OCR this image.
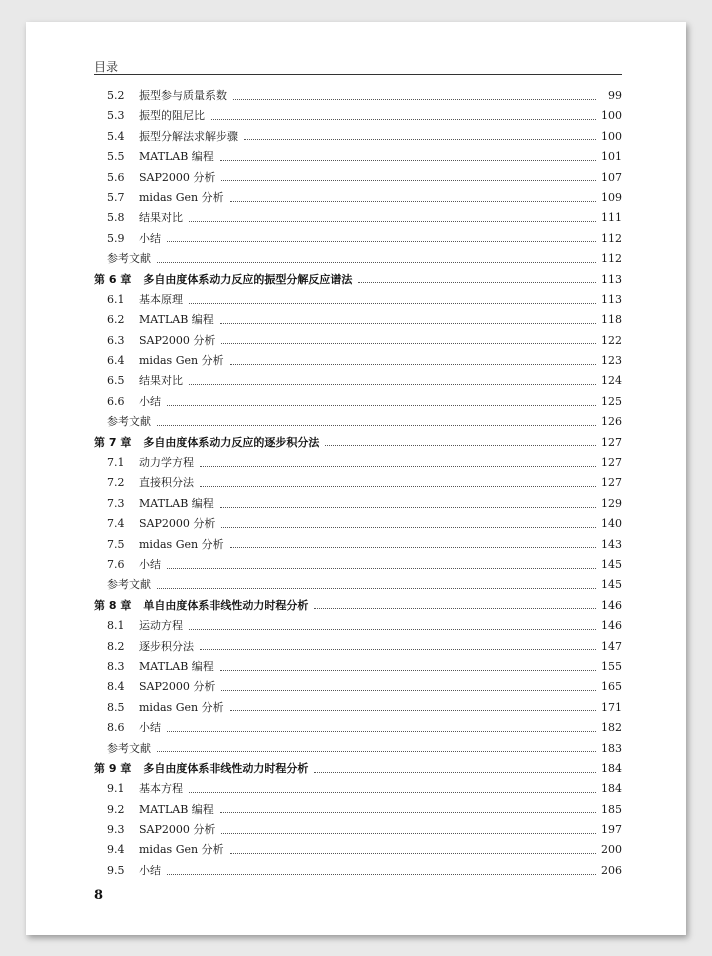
目录
5.2	振型参与质量系数	99
5.3	振型的阻尼比	100
5.4	振型分解法求解步骤	100
5.5	MATLAB 编程	101
5.6	SAP2000 分析	107
5.7	midas Gen 分析	109
5.8	结果对比	111
5.9	小结	112
参考文献	112
第 6 章	多自由度体系动力反应的振型分解反应谱法	113
6.1	基本原理	113
6.2	MATLAB 编程	118
6.3	SAP2000 分析	122
6.4	midas Gen 分析	123
6.5	结果对比	124
6.6	小结	125
参考文献	126
第 7 章	多自由度体系动力反应的逐步积分法	127
7.1	动力学方程	127
7.2	直接积分法	127
7.3	MATLAB 编程	129
7.4	SAP2000 分析	140
7.5	midas Gen 分析	143
7.6	小结	145
参考文献	145
第 8 章	单自由度体系非线性动力时程分析	146
8.1	运动方程	146
8.2	逐步积分法	147
8.3	MATLAB 编程	155
8.4	SAP2000 分析	165
8.5	midas Gen 分析	171
8.6	小结	182
参考文献	183
第 9 章	多自由度体系非线性动力时程分析	184
9.1	基本方程	184
9.2	MATLAB 编程	185
9.3	SAP2000 分析	197
9.4	midas Gen 分析	200
9.5	小结	206
8
